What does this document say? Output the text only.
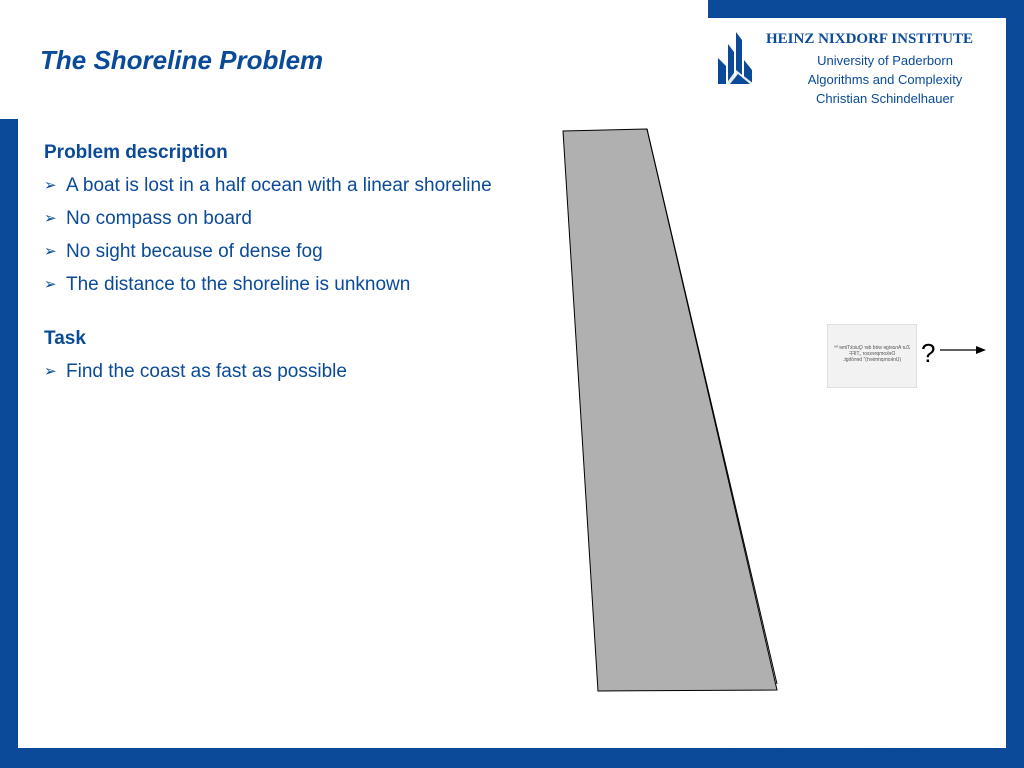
The Shoreline Problem
HEINZ NIXDORF INSTITUTE
University of Paderborn
Algorithms and Complexity
Christian Schindelhauer

Problem description

➢ A boat is lost in a half ocean with a linear shoreline
➢ No compass on board
➢ No sight because of dense fog
➢ The distance to the shoreline is unknown

Task

➢ Find the coast as fast as possible
Zur Anzeige wird der QuickTime™ Dekompressor „TIFF (Unkomprimiert)“ benötigt. ?
Search Algorithms, WS 2004/05	7
